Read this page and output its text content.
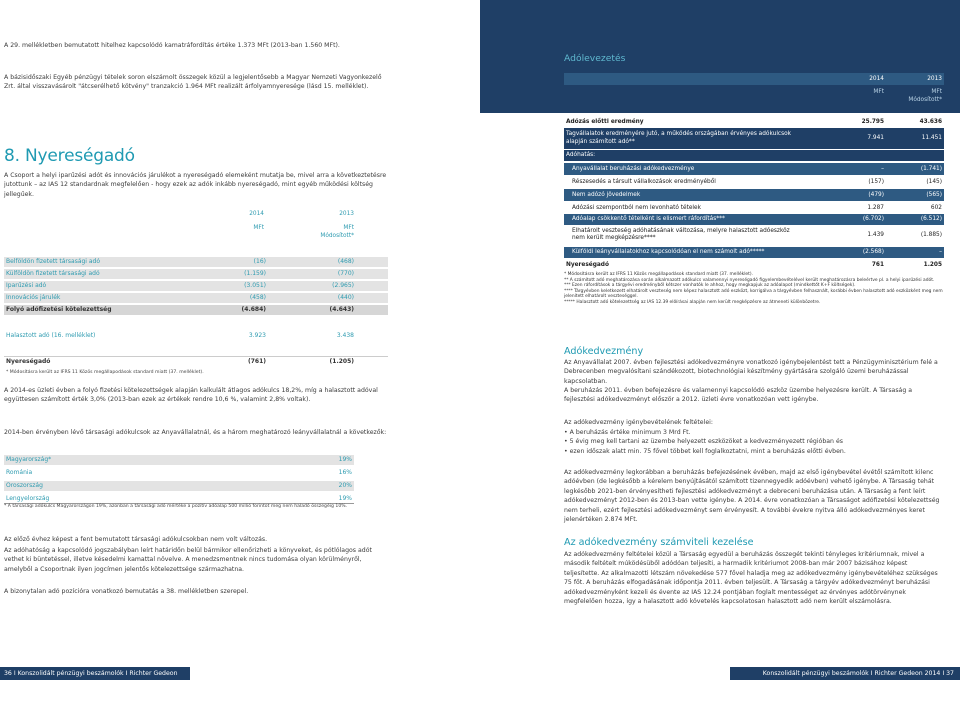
A 29. mellékletben bemutatott hitelhez kapcsolódó kamatráfordítás értéke 1.373 MFt (2013-ban 1.560 MFt).

A bázisidőszaki Egyéb pénzügyi tételek soron elszámolt összegek közül a legjelentősebb a Magyar Nemzeti Vagyonkezelő Zrt. által visszavásárolt "átcserélhető kötvény" tranzakció 1.964 MFt realizált árfolyamnyeresége (lásd 15. melléklet).

8. Nyereségadó

A Csoport a helyi iparűzési adót és innovációs járulékot a nyereségadó elemeként mutatja be, mivel arra a következtetésre jutottunk – az IAS 12 standardnak megfelelően - hogy ezek az adók inkább nyereségadó, mint egyéb működési költség jellegűek.

2014	2013
MFt	MFt
Módosított*
Belföldön fizetett társasági adó	(16)	(468)
Külföldön fizetett társasági adó	(1.159)	(770)
Iparűzési adó	(3.051)	(2.965)
Innovációs járulék	(458)	(440)
Folyó adófizetési kötelezettség	(4.684)	(4.643)
Halasztott adó (16. melléklet)	3.923	3.438
Nyereségadó	(761)	(1.205)
* Módosításra került az IFRS 11 Közös megállapodások standard miatt (37. melléklet).

A 2014-es üzleti évben a folyó fizetési kötelezettségek alapján kalkulált átlagos adókulcs 18,2%, míg a halasztott adóval együttesen számított érték 3,0% (2013-ban ezek az értékek rendre 10,6 %, valamint 2,8% voltak).

2014-ben érvényben lévő társasági adókulcsok az Anyavállalatnál, és a három meghatározó leányvállalatnál a következők:

Magyarország*	19%
Románia	16%
Oroszország	20%
Lengyelország	19%
* A társasági adókulcs Magyarországon 19%, azonban a társasági adó mértéke a pozitív adóalap 500 millió forintot meg nem haladó összegéig 10%.

Az előző évhez képest a fent bemutatott társasági adókulcsokban nem volt változás.

Az adóhatóság a kapcsolódó jogszabályban leírt határidőn belül bármikor ellenőrizheti a könyveket, és pótlólagos adót vethet ki büntetéssel, illetve késedelmi kamattal növelve. A menedzsmentnek nincs tudomása olyan körülményről, amelyből a Csoportnak ilyen jogcímen jelentős kötelezettsége származhatna.

A bizonytalan adó pozícióra vonatkozó bemutatás a 38. mellékletben szerepel.

36 I Konszolidált pénzügyi beszámolók I Richter Gedeon 2014
Adólevezetés
2014	2013
MFt	MFt
Módosított*
Adózás előtti eredmény	25.795	43.636
Tagvállalatok eredményére jutó, a működés országában érvényes adókulcsok alapján számított adó**
7.941	11.451
Adóhatás:
Anyavállalat beruházási adókedvezménye	–	(1.741)
Részesedés a társult vállalkozások eredményéből	(157)	(145)
Nem adózó jövedelmek	(479)	(565)
Adózási szempontból nem levonható tételek	1.287	602
Adóalap csökkentő tételként is elismert ráfordítás***	(6.702)	(6.512)
Elhatárolt veszteség adóhatásának változása, melyre halasztott adóeszköz nem került megképzésre****	1.439	(1.885)
Külföldi leányvállalatokhoz kapcsolódóan el nem számolt adó*****	(2.568)	–
Nyereségadó	761	1.205
* Módosításra került az IFRS 11 Közös megállapodások standard miatt (37. melléklet).
** A számított adó meghatározása során alkalmazott adókulcs valamennyi nyereségadó figyelembevételével került meghatározásra beleértve pl. a helyi iparűzési adót.
*** Ezen ráfordítások a tárgyévi eredményből kétszer vonhatók le ahhoz, hogy megkapjuk az adóalapot (mindkettőt K+F költségek).
**** Tárgyévben keletkezett elhatárolt veszteség nem képez halasztott adó eszközt, korrigálva a tárgyévben felhasznált, korábbi évben halasztott adó eszközként meg nem jelenített elhatárolt veszteséggel.
***** Halasztott adó kötelezettség az IAS 12.39 előírásai alapján nem került megképzésre az átmeneti különbözetre.
Adókedvezmény

Az Anyavállalat 2007. évben fejlesztési adókedvezményre vonatkozó igénybejelentést tett a Pénzügyminisztérium felé a Debrecenben megvalósítani szándékozott, biotechnológiai készítmény gyártására szolgáló üzemi beruházással kapcsolatban.

A beruházás 2011. évben befejezésre és valamennyi kapcsolódó eszköz üzembe helyezésre került. A Társaság a fejlesztési adókedvezményt először a 2012. üzleti évre vonatkozóan vett igénybe.

Az adókedvezmény igénybevételének feltételei:

• A beruházás értéke minimum 3 Mrd Ft.
• 5 évig meg kell tartani az üzembe helyezett eszközöket a kedvezményezett régióban és
• ezen időszak alatt min. 75 fővel többet kell foglalkoztatni, mint a beruházás előtti évben.

Az adókedvezmény legkorábban a beruházás befejezésének évében, majd az első igénybevétel évétől számított kilenc adóévben (de legkésőbb a kérelem benyújtásától számított tizennegyedik adóévben) vehető igénybe. A Társaság tehát legkésőbb 2021-ben érvényesítheti fejlesztési adókedvezményt a debreceni beruházása után. A Társaság a fent leírt adókedvezményt 2012-ben és 2013-ban vette igénybe. A 2014. évre vonatkozóan a Társaságot adófizetési kötelezettség nem terheli, ezért fejlesztési adókedvezményt sem érvényesít. A további évekre nyitva álló adókedvezményes keret jelenértéken 2.874 MFt.

Az adókedvezmény számviteli kezelése

Az adókedvezmény feltételei közül a Társaság egyedül a beruházás összegét tekinti tényleges kritériumnak, mivel a második feltételt múködésüből adódóan teljesíti, a harmadik kritériumot 2008-ban már 2007 bázisához képest teljesítette. Az alkalmazotti létszám növekedése 577 fővel haladja meg az adókedvezmény igénybevételéhez szükséges 75 főt. A beruházás elfogadásának időpontja 2011. évben teljesült. A Társaság a tárgyév adókedvezményt beruházási adókedvezményként kezeli és évente az IAS 12.24 pontjában foglalt mentességet az érvényes adótörvénynek megfelelően hozza, így a halasztott adó követelés kapcsolatosan halasztott adó nem került elszámolásra.

Konszolidált pénzügyi beszámolók I Richter Gedeon 2014 I 37
